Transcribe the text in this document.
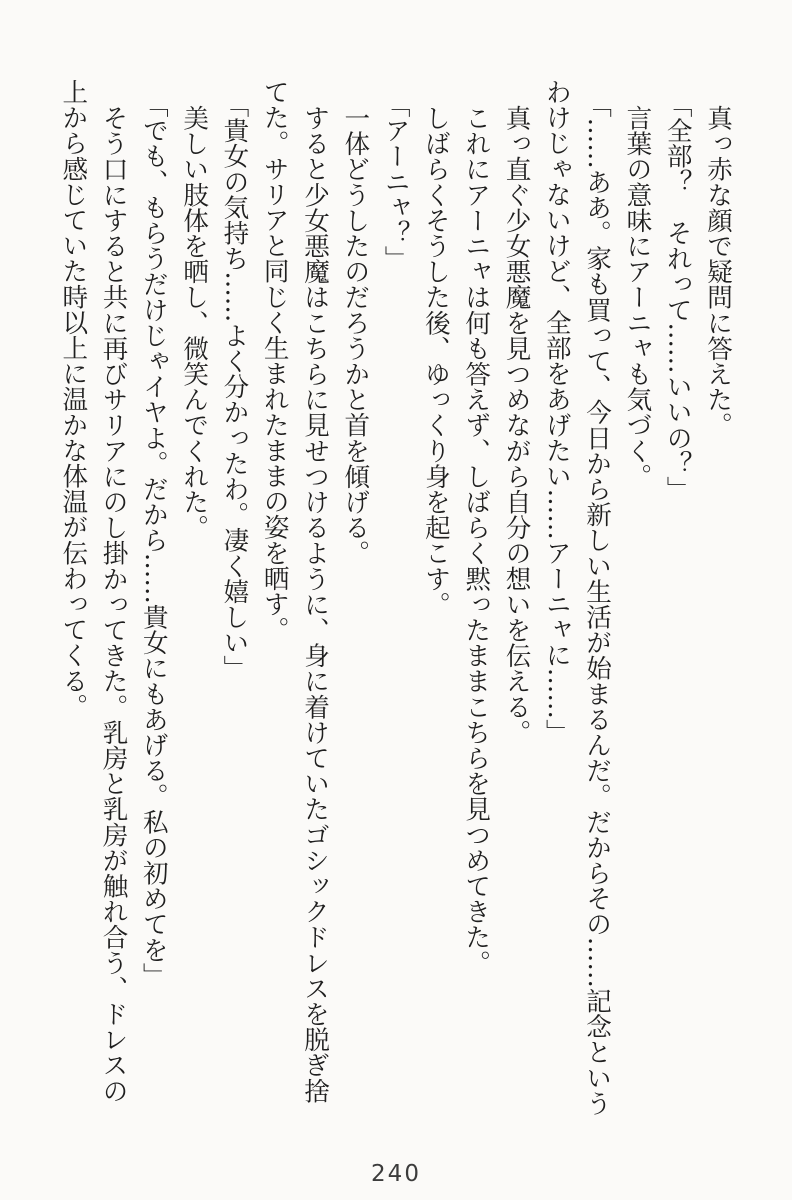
真っ赤な顔で疑問に答えた。

「全部？　それって……いいの？」

言葉の意味にアーニャも気づく。

「……ああ。家も買って、今日から新しい生活が始まるんだ。だからその……記念というわけじゃないけど、全部をあげたい……アーニャに……」

真っ直ぐ少女悪魔を見つめながら自分の想いを伝える。

これにアーニャは何も答えず、しばらく黙ったままこちらを見つめてきた。

しばらくそうした後、ゆっくり身を起こす。

「アーニャ？」

一体どうしたのだろうかと首を傾げる。

すると少女悪魔はこちらに見せつけるように、身に着けていたゴシックドレスを脱ぎ捨てた。サリアと同じく生まれたままの姿を晒す。

「貴女の気持ち……よく分かったわ。凄く嬉しい」

美しい肢体を晒し、微笑んでくれた。

「でも、もらうだけじゃイヤよ。だから……貴女にもあげる。私の初めてを」

そう口にすると共に再びサリアにのし掛かってきた。乳房と乳房が触れ合う、ドレスの上から感じていた時以上に温かな体温が伝わってくる。

240
